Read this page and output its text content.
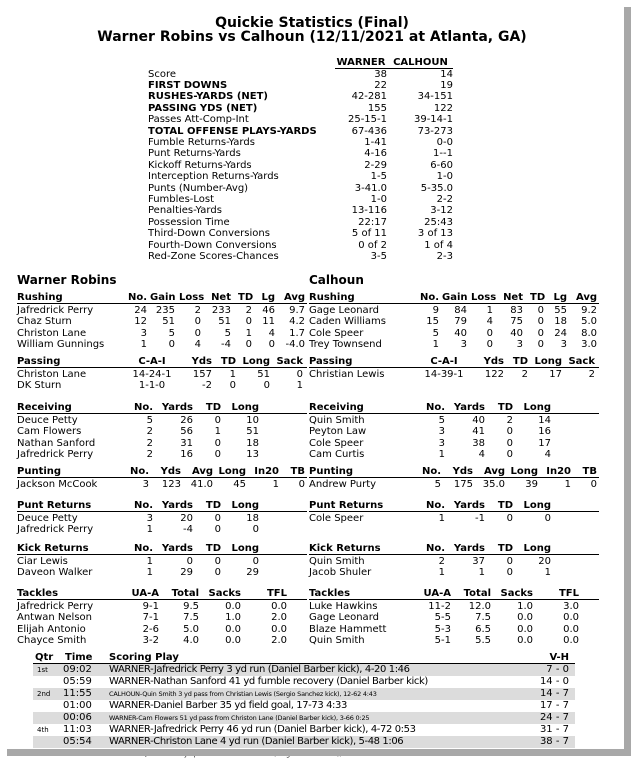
Quickie Statistics (Final)
Warner Robins vs Calhoun (12/11/2021 at Atlanta, GA)
WARNER CALHOUN
Score	38	14
FIRST DOWNS	22	19
RUSHES-YARDS (NET)	42-281	34-151
PASSING YDS (NET)	155	122
Passes Att-Comp-Int	25-15-1	39-14-1
TOTAL OFFENSE PLAYS-YARDS	67-436	73-273
Fumble Returns-Yards	1-41	0-0
Punt Returns-Yards	4-16	1--1
Kickoff Returns-Yards	2-29	6-60
Interception Returns-Yards	1-5	1-0
Punts (Number-Avg)	3-41.0	5-35.0
Fumbles-Lost	1-0	2-2
Penalties-Yards	13-116	3-12
Possession Time	22:17	25:43
Third-Down Conversions	5 of 11	3 of 13
Fourth-Down Conversions	0 of 2	1 of 4
Red-Zone Scores-Chances	3-5	2-3
Warner Robins
Rushing	No. Gain Loss Net TD Lg Avg
Jafredrick Perry	24 235	2	233	2	46	9.7
Chaz Sturn	12	51	0	51	0	11	4.2
Christon Lane	3	5	0	5	1	4	1.7
William Gunnings	1	0	4	-4	0	0	-4.0
Passing	C-A-I	Yds TD Long Sack
Christon Lane	14-24-1	157	1	51	0
DK Sturn	1-1-0	-2	0	0	1
Receiving	No. Yards	TD Long
Deuce Petty	5	26	0	10
Cam Flowers	2	56	1	51
Nathan Sanford	2	31	0	18
Jafredrick Perry	2	16	0	13
Punting	No.	Yds	Avg Long In20	TB
Jackson McCook	3	123 41.0	45	1	0
Punt Returns	No. Yards	TD Long
Deuce Petty	3	20	0	18
Jafredrick Perry	1	-4	0	0
Kick Returns	No. Yards	TD Long
Ciar Lewis	1	0	0	0
Daveon Walker	1	29	0	29
Tackles	UA-A	Total Sacks	TFL
Jafredrick Perry	9-1	9.5	0.0	0.0
Antwan Nelson	7-1	7.5	1.0	2.0
Elijah Antonio	2-6	5.0	0.0	0.0
Chayce Smith	3-2	4.0	0.0	2.0
Calhoun
Rushing	No. Gain Loss Net TD Lg Avg
Gage Leonard	9	84	1	83	0	55	9.2
Caden Williams	15	79	4	75	0	18	5.0
Cole Speer	5	40	0	40	0	24	8.0
Trey Townsend	1	3	0	3	0	3	3.0
Passing	C-A-I	Yds TD Long Sack
Christian Lewis	14-39-1	122	2	17	2
Receiving	No. Yards	TD Long
Quin Smith	5	40	2	14
Peyton Law	3	41	0	16
Cole Speer	3	38	0	17
Cam Curtis	1	4	0	4
Punting	No.	Yds	Avg Long In20	TB
Andrew Purty	5	175 35.0	39	1	0
Punt Returns	No. Yards	TD Long
Cole Speer	1	-1	0	0
Kick Returns	No. Yards	TD Long
Quin Smith	2	37	0	20
Jacob Shuler	1	1	0	1
Tackles	UA-A	Total Sacks	TFL
Luke Hawkins	11-2	12.0	1.0	3.0
Gage Leonard	5-5	7.5	0.0	0.0
Blaze Hammett	5-3	6.5	0.0	0.0
Quin Smith	5-1	5.5	0.0	0.0
Qtr Time Scoring Play	V-H
1st 09:02 WARNER-Jafredrick Perry 3 yd run (Daniel Barber kick), 4-20 1:46	7 - 0
05:59 WARNER-Nathan Sanford 41 yd fumble recovery (Daniel Barber kick)	14 - 0
2nd 11:55	CALHOUN-Quin Smith 3 yd pass from Christian Lewis (Sergio Sanchez kick), 12-62 4:43	14 - 7
01:00 WARNER-Daniel Barber 35 yd field goal, 17-73 4:33	17 - 7
00:06	WARNER-Cam Flowers 51 yd pass from Christon Lane (Daniel Barber kick), 3-66 0:25	24 - 7
4th 11:03 WARNER-Jafredrick Perry 46 yd run (Daniel Barber kick), 4-72 0:53	31 - 7
05:54 WARNER-Christon Lane 4 yd run (Daniel Barber kick), 5-48 1:06	38 - 7
